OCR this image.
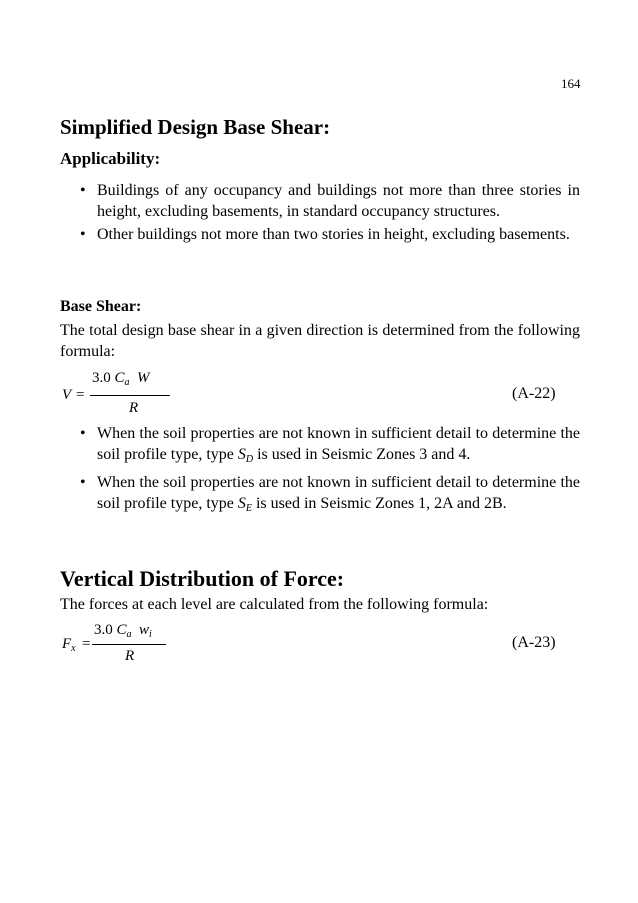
164
Simplified Design Base Shear:
Applicability:
• Buildings of any occupancy and buildings not more than three stories in height, excluding basements, in standard occupancy structures.
• Other buildings not more than two stories in height, excluding basements.
Base Shear:
The total design base shear in a given direction is determined from the following formula:
V =
3.0 $C_a$ W
R
(A-22)
• When the soil properties are not known in sufficient detail to determine the soil profile type, type $S_D$ is used in Seismic Zones 3 and 4.
• When the soil properties are not known in sufficient detail to determine the soil profile type, type $S_E$ is used in Seismic Zones 1, 2A and 2B.
Vertical Distribution of Force:
The forces at each level are calculated from the following formula:
$F_x$ =
3.0 $C_a$ $w_i$
R
(A-23)
